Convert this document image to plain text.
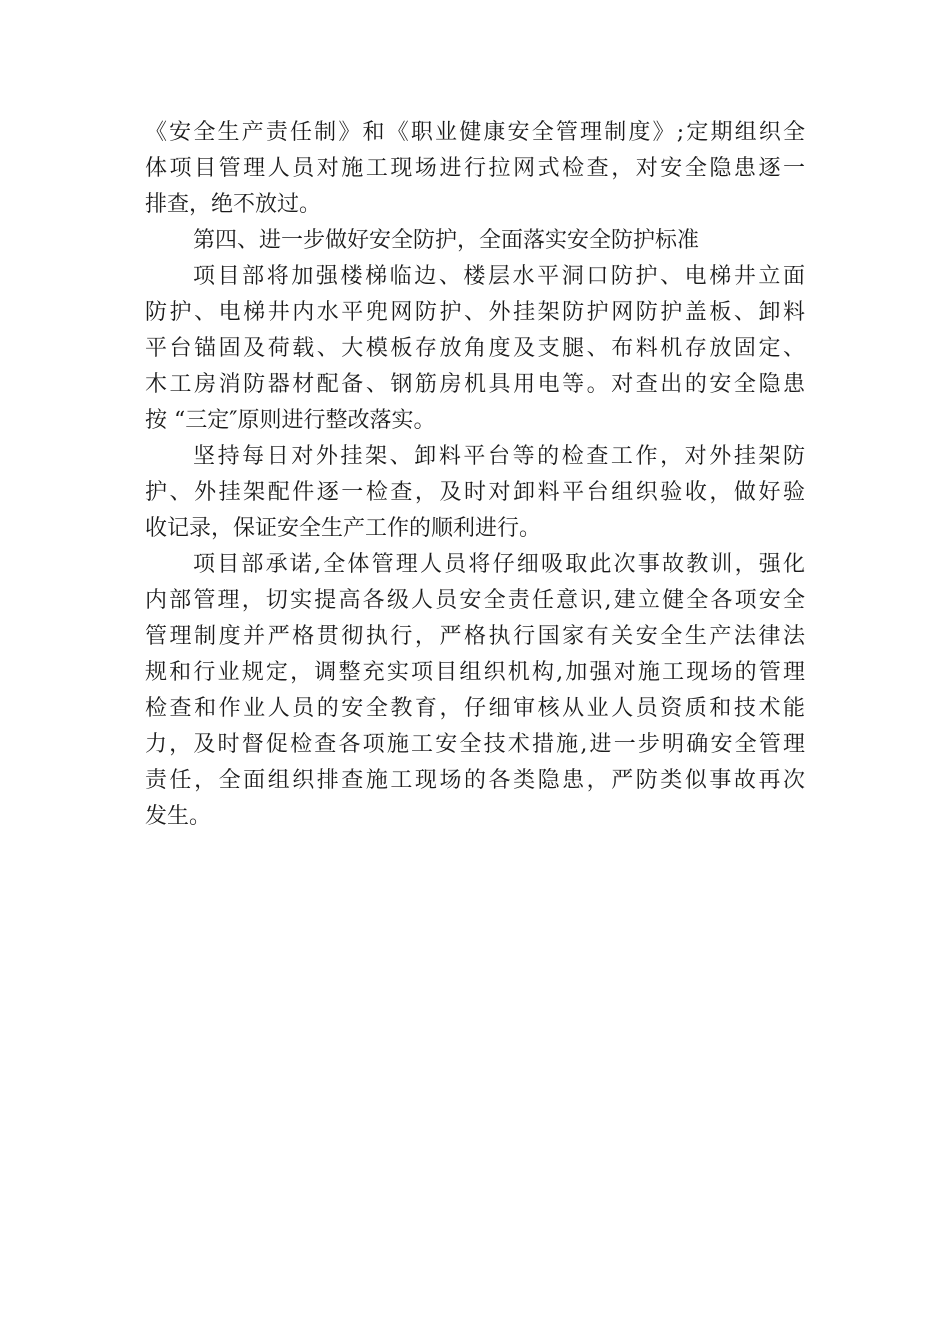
《安全生产责任制》和《职业健康安全管理制度》;定期组织全
体项目管理人员对施工现场进行拉网式检查，对安全隐患逐一
排查，绝不放过。
第四、进一步做好安全防护，全面落实安全防护标准
项目部将加强楼梯临边、楼层水平洞口防护、电梯井立面
防护、电梯井内水平兜网防护、外挂架防护网防护盖板、卸料
平台锚固及荷载、大模板存放角度及支腿、布料机存放固定、
木工房消防器材配备、钢筋房机具用电等。对查出的安全隐患
按 “三定″原则进行整改落实。
坚持每日对外挂架、卸料平台等的检查工作，对外挂架防
护、外挂架配件逐一检查，及时对卸料平台组织验收，做好验
收记录，保证安全生产工作的顺利进行。
项目部承诺,全体管理人员将仔细吸取此次事故教训，强化
内部管理，切实提高各级人员安全责任意识,建立健全各项安全
管理制度并严格贯彻执行，严格执行国家有关安全生产法律法
规和行业规定，调整充实项目组织机构,加强对施工现场的管理
检查和作业人员的安全教育，仔细审核从业人员资质和技术能
力，及时督促检查各项施工安全技术措施,进一步明确安全管理
责任，全面组织排查施工现场的各类隐患，严防类似事故再次
发生。
